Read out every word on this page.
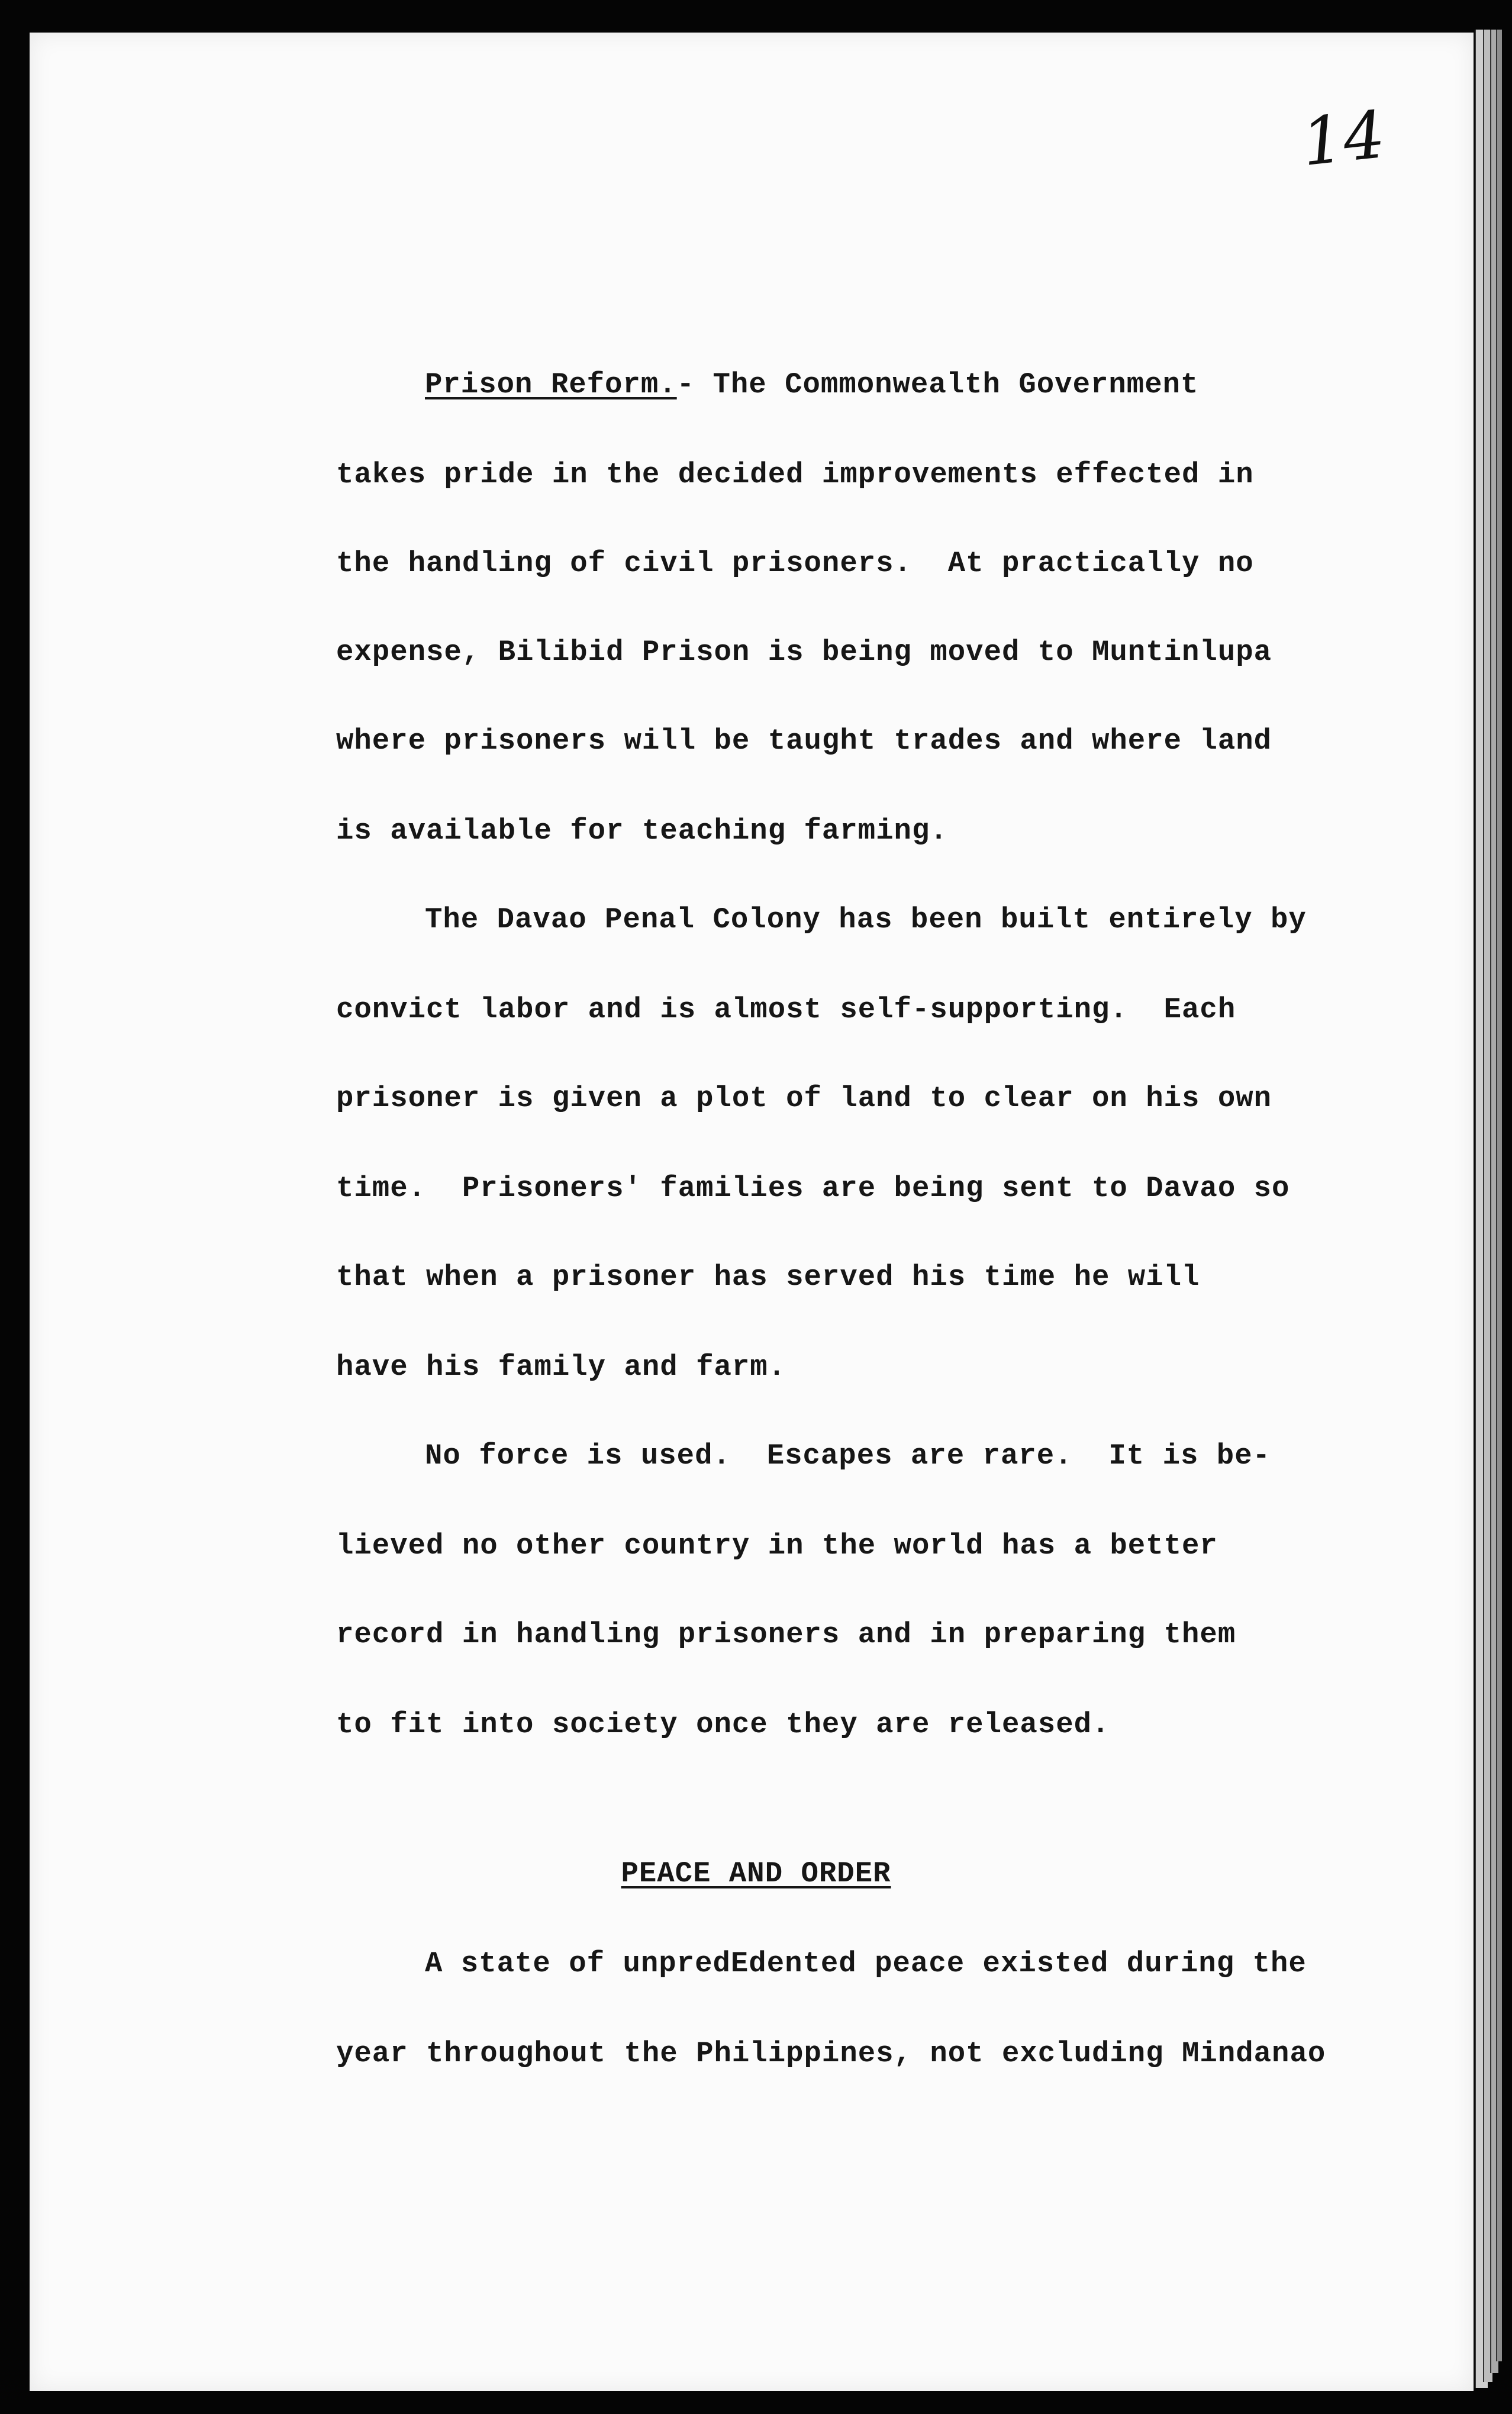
14
Prison Reform.- The Commonwealth Government
takes pride in the decided improvements effected in
the handling of civil prisoners.  At practically no
expense, Bilibid Prison is being moved to Muntinlupa
where prisoners will be taught trades and where land
is available for teaching farming.
The Davao Penal Colony has been built entirely by
convict labor and is almost self-supporting.  Each
prisoner is given a plot of land to clear on his own
time.  Prisoners' families are being sent to Davao so
that when a prisoner has served his time he will
have his family and farm.
No force is used.  Escapes are rare.  It is be-
lieved no other country in the world has a better
record in handling prisoners and in preparing them
to fit into society once they are released.
PEACE AND ORDER
A state of unpredEdented peace existed during the
year throughout the Philippines, not excluding Mindanao
